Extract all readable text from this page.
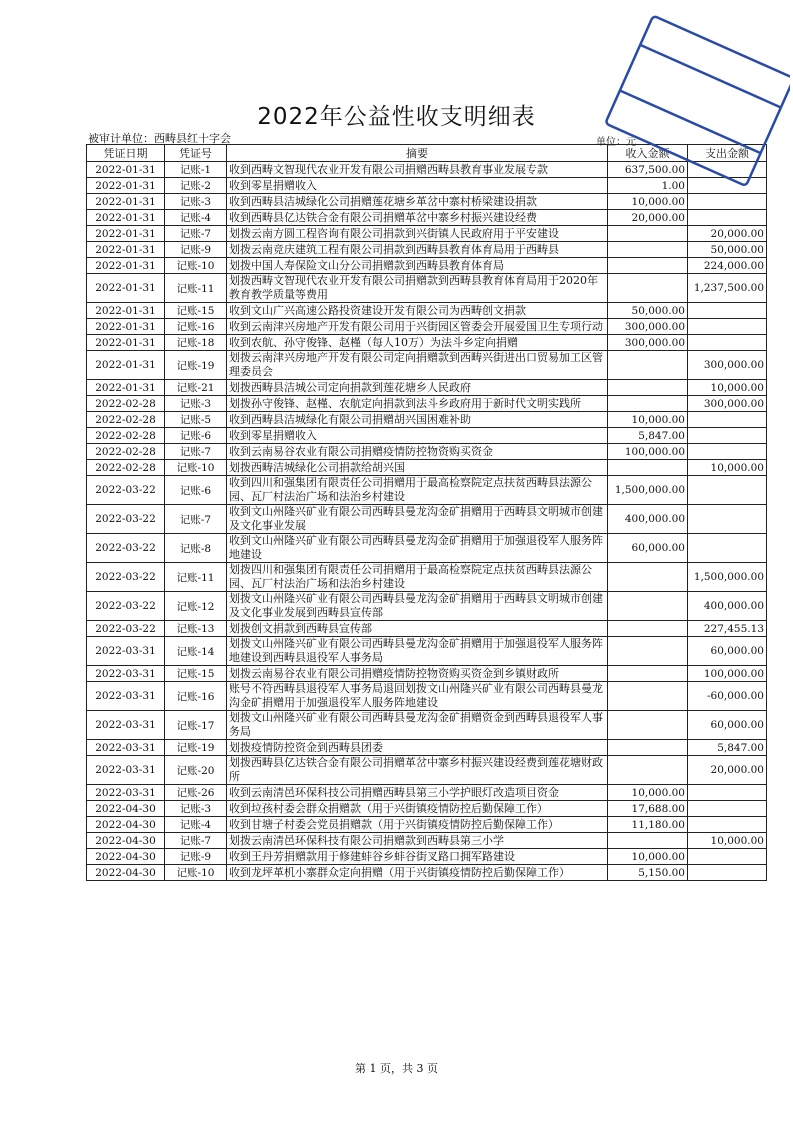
2022年公益性收支明细表
被审计单位：西畴县红十字会	单位：元
凭证日期	凭证号	摘要	收入金额	支出金额
2022-01-31	记账-1	收到西畴文智现代农业开发有限公司捐赠西畴县教育事业发展专款	637,500.00	
2022-01-31	记账-2	收到零星捐赠收入	1.00	
2022-01-31	记账-3	收到西畴县洁城绿化公司捐赠莲花塘乡革岔中寨村桥梁建设捐款	10,000.00	
2022-01-31	记账-4	收到西畴县亿达铁合金有限公司捐赠革岔中寨乡村振兴建设经费	20,000.00	
2022-01-31	记账-7	划拨云南方圆工程咨询有限公司捐款到兴街镇人民政府用于平安建设		20,000.00
2022-01-31	记账-9	划拨云南竞庆建筑工程有限公司捐款到西畴县教育体育局用于西畴县		50,000.00
2022-01-31	记账-10	划拨中国人寿保险文山分公司捐赠款到西畴县教育体育局		224,000.00
2022-01-31	记账-11	划拨西畴文智现代农业开发有限公司捐赠款到西畴县教育体育局用于2020年教育教学质量等费用		1,237,500.00
2022-01-31	记账-15	收到文山广兴高速公路投资建设开发有限公司为西畴创文捐款	50,000.00	
2022-01-31	记账-16	收到云南津兴房地产开发有限公司用于兴街园区管委会开展爱国卫生专项行动	300,000.00	
2022-01-31	记账-18	收到农航、孙守俊锋、赵槿（每人10万）为法斗乡定向捐赠	300,000.00	
2022-01-31	记账-19	划拨云南津兴房地产开发有限公司定向捐赠款到西畴兴街进出口贸易加工区管理委员会		300,000.00
2022-01-31	记账-21	划拨西畴县洁城公司定向捐款到莲花塘乡人民政府		10,000.00
2022-02-28	记账-3	划拨孙守俊锋、赵槿、农航定向捐款到法斗乡政府用于新时代文明实践所		300,000.00
2022-02-28	记账-5	收到西畴县洁城绿化有限公司捐赠胡兴国困难补助	10,000.00	
2022-02-28	记账-6	收到零星捐赠收入	5,847.00	
2022-02-28	记账-7	收到云南易谷农业有限公司捐赠疫情防控物资购买资金	100,000.00	
2022-02-28	记账-10	划拨西畴洁城绿化公司捐款给胡兴国		10,000.00
2022-03-22	记账-6	收到四川和强集团有限责任公司捐赠用于最高检察院定点扶贫西畴县法源公园、瓦厂村法治广场和法治乡村建设	1,500,000.00	
2022-03-22	记账-7	收到文山州隆兴矿业有限公司西畴县曼龙沟金矿捐赠用于西畴县文明城市创建及文化事业发展	400,000.00	
2022-03-22	记账-8	收到文山州隆兴矿业有限公司西畴县曼龙沟金矿捐赠用于加强退役军人服务阵地建设	60,000.00	
2022-03-22	记账-11	划拨四川和强集团有限责任公司捐赠用于最高检察院定点扶贫西畴县法源公园、瓦厂村法治广场和法治乡村建设		1,500,000.00
2022-03-22	记账-12	划拨文山州隆兴矿业有限公司西畴县曼龙沟金矿捐赠用于西畴县文明城市创建及文化事业发展到西畴县宣传部		400,000.00
2022-03-22	记账-13	划拨创文捐款到西畴县宣传部		227,455.13
2022-03-31	记账-14	划拨文山州隆兴矿业有限公司西畴县曼龙沟金矿捐赠用于加强退役军人服务阵地建设到西畴县退役军人事务局		60,000.00
2022-03-31	记账-15	划拨云南易谷农业有限公司捐赠疫情防控物资购买资金到乡镇财政所		100,000.00
2022-03-31	记账-16	账号不符西畴县退役军人事务局退回划拨文山州隆兴矿业有限公司西畴县曼龙沟金矿捐赠用于加强退役军人服务阵地建设		-60,000.00
2022-03-31	记账-17	划拨文山州隆兴矿业有限公司西畴县曼龙沟金矿捐赠资金到西畴县退役军人事务局		60,000.00
2022-03-31	记账-19	划拨疫情防控资金到西畴县团委		5,847.00
2022-03-31	记账-20	划拨西畴县亿达铁合金有限公司捐赠革岔中寨乡村振兴建设经费到莲花塘财政所		20,000.00
2022-03-31	记账-26	收到云南清邑环保科技公司捐赠西畴县第三小学护眼灯改造项目资金	10,000.00	
2022-04-30	记账-3	收到垃孩村委会群众捐赠款（用于兴街镇疫情防控后勤保障工作）	17,688.00	
2022-04-30	记账-4	收到甘塘子村委会党员捐赠款（用于兴街镇疫情防控后勤保障工作）	11,180.00	
2022-04-30	记账-7	划拨云南清邑环保科技有限公司捐赠款到西畴县第三小学		10,000.00
2022-04-30	记账-9	收到王丹芳捐赠款用于修建蚌谷乡蚌谷街叉路口拥军路建设	10,000.00	
2022-04-30	记账-10	收到龙坪革机小寨群众定向捐赠（用于兴街镇疫情防控后勤保障工作）	5,150.00	
第 1 页，共 3 页
